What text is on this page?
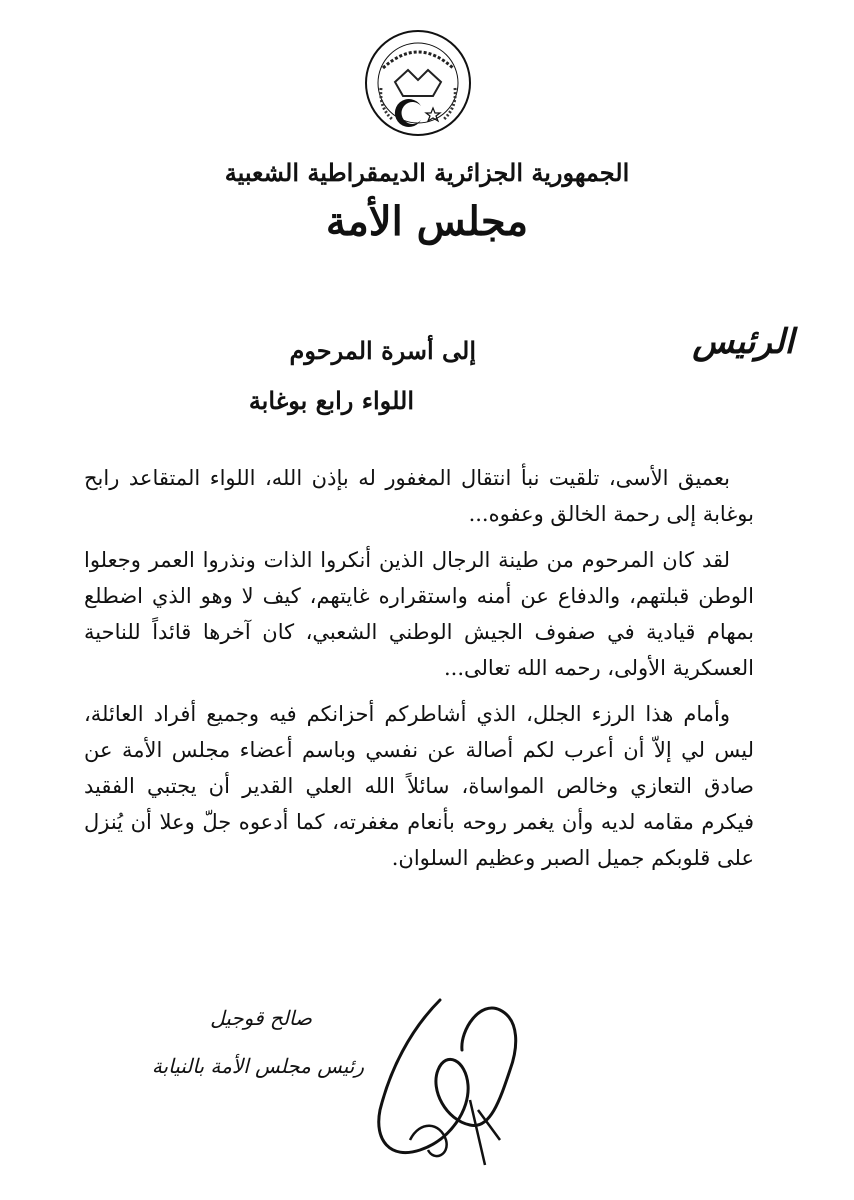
الجمهورية الجزائرية الديمقراطية الشعبية
مجلس الأمة
الرئيس
إلى أسرة المرحوم
اللواء رابع بوغابة

بعميق الأسى، تلقيت نبأ انتقال المغفور له بإذن الله، اللواء المتقاعد رابح بوغابة إلى رحمة الخالق وعفوه...

لقد كان المرحوم من طينة الرجال الذين أنكروا الذات ونذروا العمر وجعلوا الوطن قبلتهم، والدفاع عن أمنه واستقراره غايتهم، كيف لا وهو الذي اضطلع بمهام قيادية في صفوف الجيش الوطني الشعبي، كان آخرها قائداً للناحية العسكرية الأولى، رحمه الله تعالى...

وأمام هذا الرزء الجلل، الذي أشاطركم أحزانكم فيه وجميع أفراد العائلة، ليس لي إلاّ أن أعرب لكم أصالة عن نفسي وباسم أعضاء مجلس الأمة عن صادق التعازي وخالص المواساة، سائلاً الله العلي القدير أن يجتبي الفقيد فيكرم مقامه لديه وأن يغمر روحه بأنعام مغفرته، كما أدعوه جلّ وعلا أن يُنزل على قلوبكم جميل الصبر وعظيم السلوان.

صالح قوجيل
رئيس مجلس الأمة بالنيابة
